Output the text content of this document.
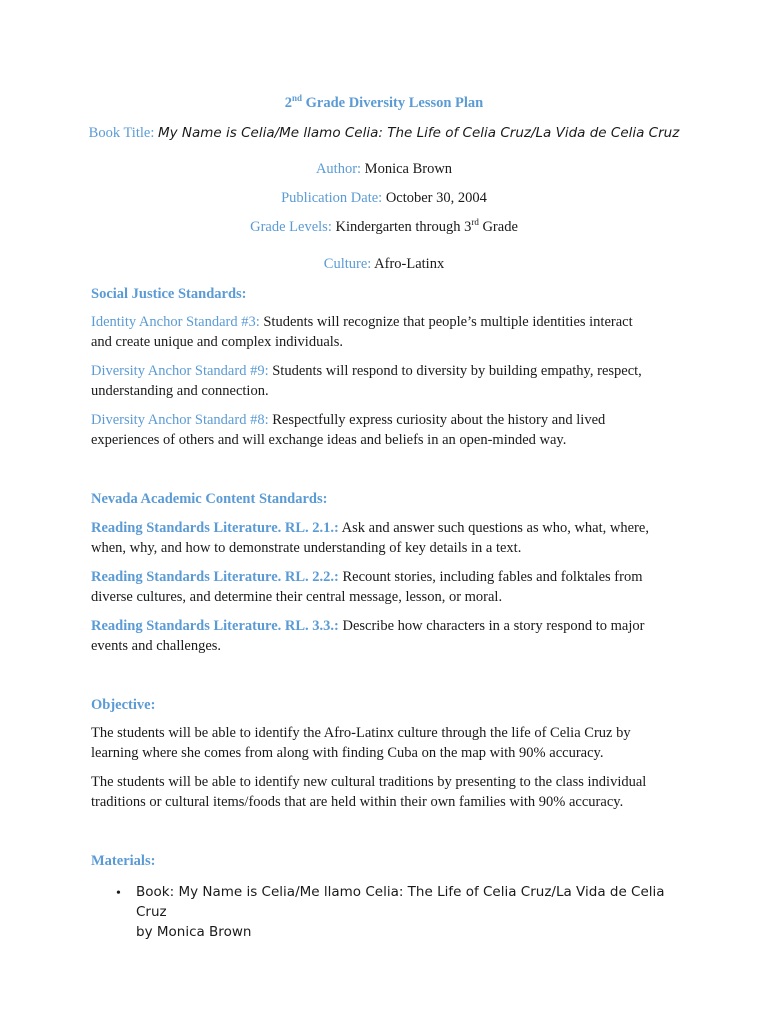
2nd Grade Diversity Lesson Plan
Book Title: My Name is Celia/Me llamo Celia: The Life of Celia Cruz/La Vida de Celia Cruz
Author: Monica Brown
Publication Date: October 30, 2004
Grade Levels: Kindergarten through 3rd Grade
Culture: Afro-Latinx
Social Justice Standards:
Identity Anchor Standard #3: Students will recognize that people’s multiple identities interact
and create unique and complex individuals.
Diversity Anchor Standard #9: Students will respond to diversity by building empathy, respect,
understanding and connection.
Diversity Anchor Standard #8: Respectfully express curiosity about the history and lived
experiences of others and will exchange ideas and beliefs in an open-minded way.
Nevada Academic Content Standards:
Reading Standards Literature. RL. 2.1.: Ask and answer such questions as who, what, where,
when, why, and how to demonstrate understanding of key details in a text.
Reading Standards Literature. RL. 2.2.: Recount stories, including fables and folktales from
diverse cultures, and determine their central message, lesson, or moral.
Reading Standards Literature. RL. 3.3.: Describe how characters in a story respond to major
events and challenges.
Objective:
The students will be able to identify the Afro-Latinx culture through the life of Celia Cruz by
learning where she comes from along with finding Cuba on the map with 90% accuracy.
The students will be able to identify new cultural traditions by presenting to the class individual
traditions or cultural items/foods that are held within their own families with 90% accuracy.
Materials:
• Book: My Name is Celia/Me llamo Celia: The Life of Celia Cruz/La Vida de Celia Cruz
by Monica Brown
